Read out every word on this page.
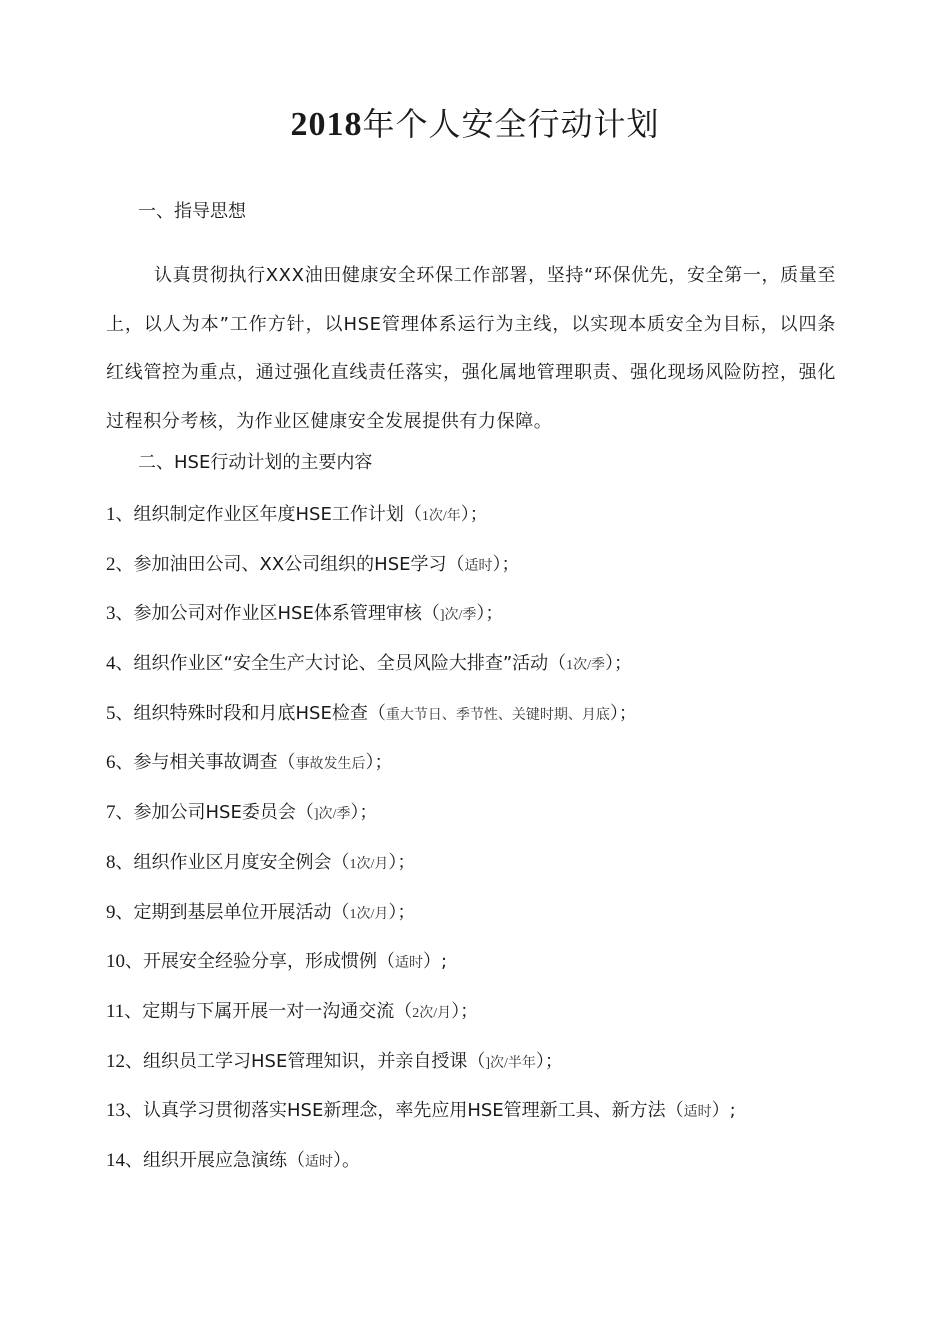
2018年个人安全行动计划
一、指导思想
认真贯彻执行XXX油田健康安全环保工作部署，坚持“环保优先，安全第一，质量至上，以人为本”工作方针，以HSE管理体系运行为主线，以实现本质安全为目标，以四条红线管控为重点，通过强化直线责任落实，强化属地管理职责、强化现场风险防控，强化过程积分考核，为作业区健康安全发展提供有力保障。
二、HSE行动计划的主要内容
1、组织制定作业区年度HSE工作计划（1次/年）；
2、参加油田公司、XX公司组织的HSE学习（适时）；
3、参加公司对作业区HSE体系管理审核（]次/季）；
4、组织作业区“安全生产大讨论、全员风险大排查”活动（1次/季）；
5、组织特殊时段和月底HSE检查（重大节日、季节性、关键时期、月底）；
6、参与相关事故调查（事故发生后）；
7、参加公司HSE委员会（]次/季）；
8、组织作业区月度安全例会（1次/月）；
9、定期到基层单位开展活动（1次/月）；
10、开展安全经验分享，形成惯例（适时）;
11、定期与下属开展一对一沟通交流（2次/月）；
12、组织员工学习HSE管理知识，并亲自授课（]次/半年）；
13、认真学习贯彻落实HSE新理念，率先应用HSE管理新工具、新方法（适时）;
14、组织开展应急演练（适时）。
